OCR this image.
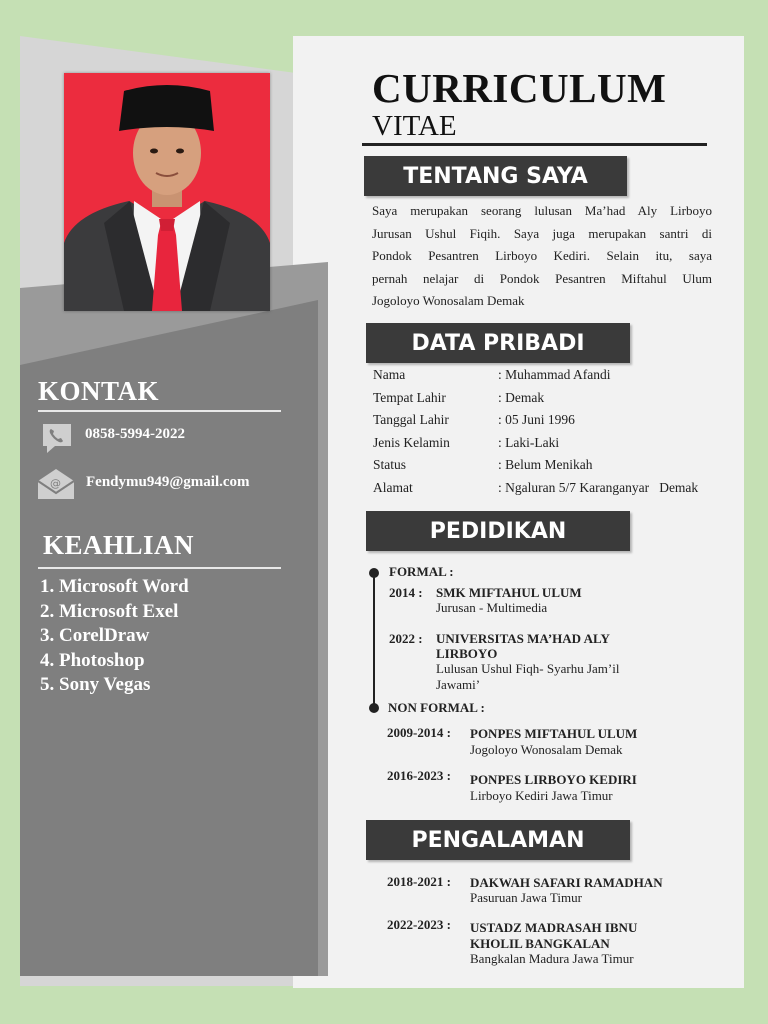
KONTAK
0858-5994-2022
@ Fendymu949@gmail.com
KEAHLIAN
1. Microsoft Word
2. Microsoft Exel
3. CorelDraw
4. Photoshop
5. Sony Vegas
CURRICULUM
VITAE
TENTANG SAYA
Saya merupakan seorang lulusan Ma’had Aly Lirboyo
Jurusan Ushul Fiqih. Saya juga merupakan santri di
Pondok Pesantren Lirboyo Kediri. Selain itu, saya
pernah nelajar di Pondok Pesantren Miftahul Ulum
Jogoloyo Wonosalam Demak
DATA PRIBADI
Nama	: Muhammad Afandi
Tempat Lahir	: Demak
Tanggal Lahir	: 05 Juni 1996
Jenis Kelamin	: Laki-Laki
Status	: Belum Menikah
Alamat	: Ngaluran 5/7 Karanganyar   Demak
PEDIDIKAN
FORMAL :
2014 : SMK MIFTAHUL ULUM
Jurusan - Multimedia
2022 : UNIVERSITAS MA’HAD ALY
LIRBOYO
Lulusan Ushul Fiqh- Syarhu Jam’il
Jawami’
NON FORMAL :
2009-2014 : PONPES MIFTAHUL ULUM
Jogoloyo Wonosalam Demak
2016-2023 : PONPES LIRBOYO KEDIRI
Lirboyo Kediri Jawa Timur
PENGALAMAN
2018-2021 : DAKWAH SAFARI RAMADHAN
Pasuruan Jawa Timur
2022-2023 : USTADZ MADRASAH IBNU
KHOLIL BANGKALAN
Bangkalan Madura Jawa Timur
